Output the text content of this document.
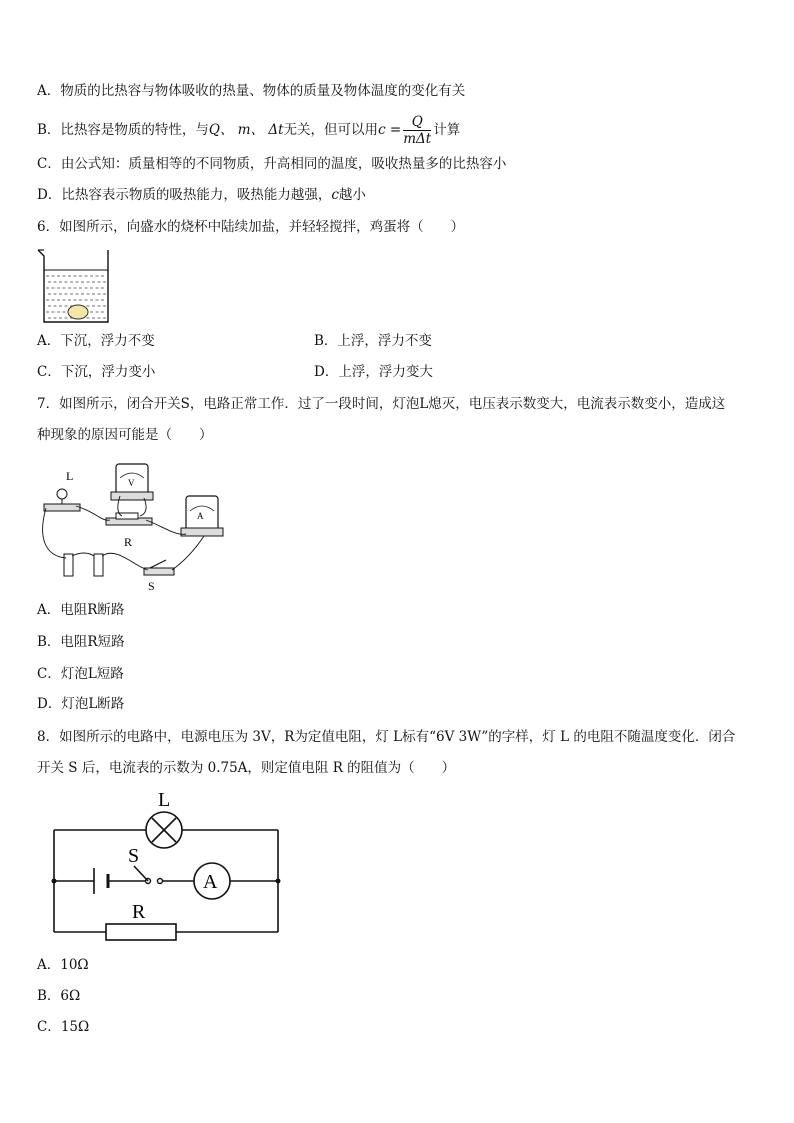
A．物质的比热容与物体吸收的热量、物体的质量及物体温度的变化有关
B．比热容是物质的特性，与Q、 m、 Δt无关，但可以用$c = \frac{Q}{\text{mΔt}}$ 计算
C．由公式知：质量相等的不同物质，升高相同的温度，吸收热量多的比热容小
D．比热容表示物质的吸热能力，吸热能力越强，c越小
6．如图所示，向盛水的烧杯中陆续加盐，并轻轻搅拌，鸡蛋将（　　）
A．下沉，浮力不变	B．上浮，浮力不变
C．下沉，浮力变小	D．上浮，浮力变大
7．如图所示，闭合开关S，电路正常工作．过了一段时间，灯泡L熄灭，电压表示数变大，电流表示数变小，造成这
种现象的原因可能是（　　）
L	V
A
R
S
A．电阻R断路
B．电阻R短路
C．灯泡L短路
D．灯泡L断路
8．如图所示的电路中，电源电压为 3V，R为定值电阻，灯 L标有“6V 3W”的字样，灯 L 的电阻不随温度变化．闭合
开关 S 后，电流表的示数为 0.75A，则定值电阻 R 的阻值为（　　）
L
S
A
R
A．10Ω
B．6Ω
C．15Ω
